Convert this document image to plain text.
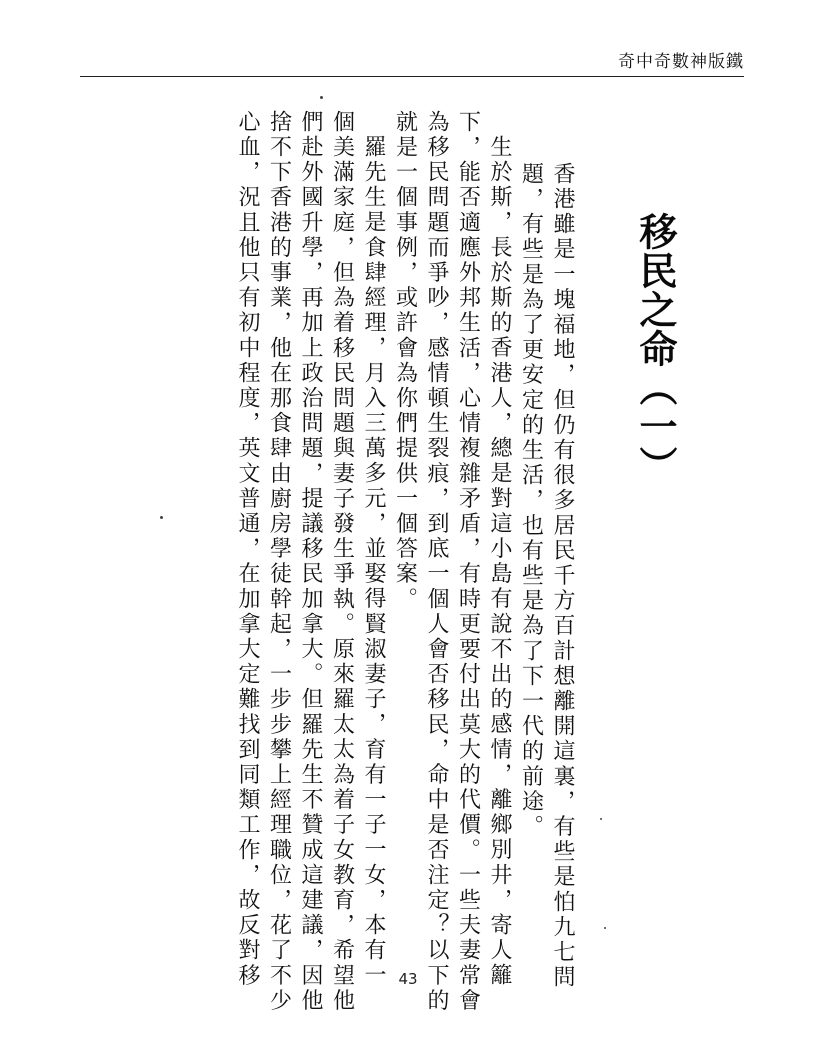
奇中奇數神版鐵
移民之命（一）

香港雖是一塊福地，但仍有很多居民千方百計想離開這裏，有些是怕九七問
題，有些是為了更安定的生活，也有些是為了下一代的前途。

生於斯，長於斯的香港人，總是對這小島有說不出的感情，離鄉別井，寄人籬
下，能否適應外邦生活，心情複雜矛盾，有時更要付出莫大的代價。一些夫妻常會
為移民問題而爭吵，感情頓生裂痕，到底一個人會否移民，命中是否注定？以下的
就是一個事例，或許會為你們提供一個答案。

羅先生是食肆經理，月入三萬多元，並娶得賢淑妻子，育有一子一女，本有一
個美滿家庭，但為着移民問題與妻子發生爭執。原來羅太太為着子女教育，希望他
們赴外國升學，再加上政治問題，提議移民加拿大。但羅先生不贊成這建議，因他
捨不下香港的事業，他在那食肆由廚房學徒幹起，一步步攀上經理職位，花了不少
心血，況且他只有初中程度，英文普通，在加拿大定難找到同類工作，故反對移	43
